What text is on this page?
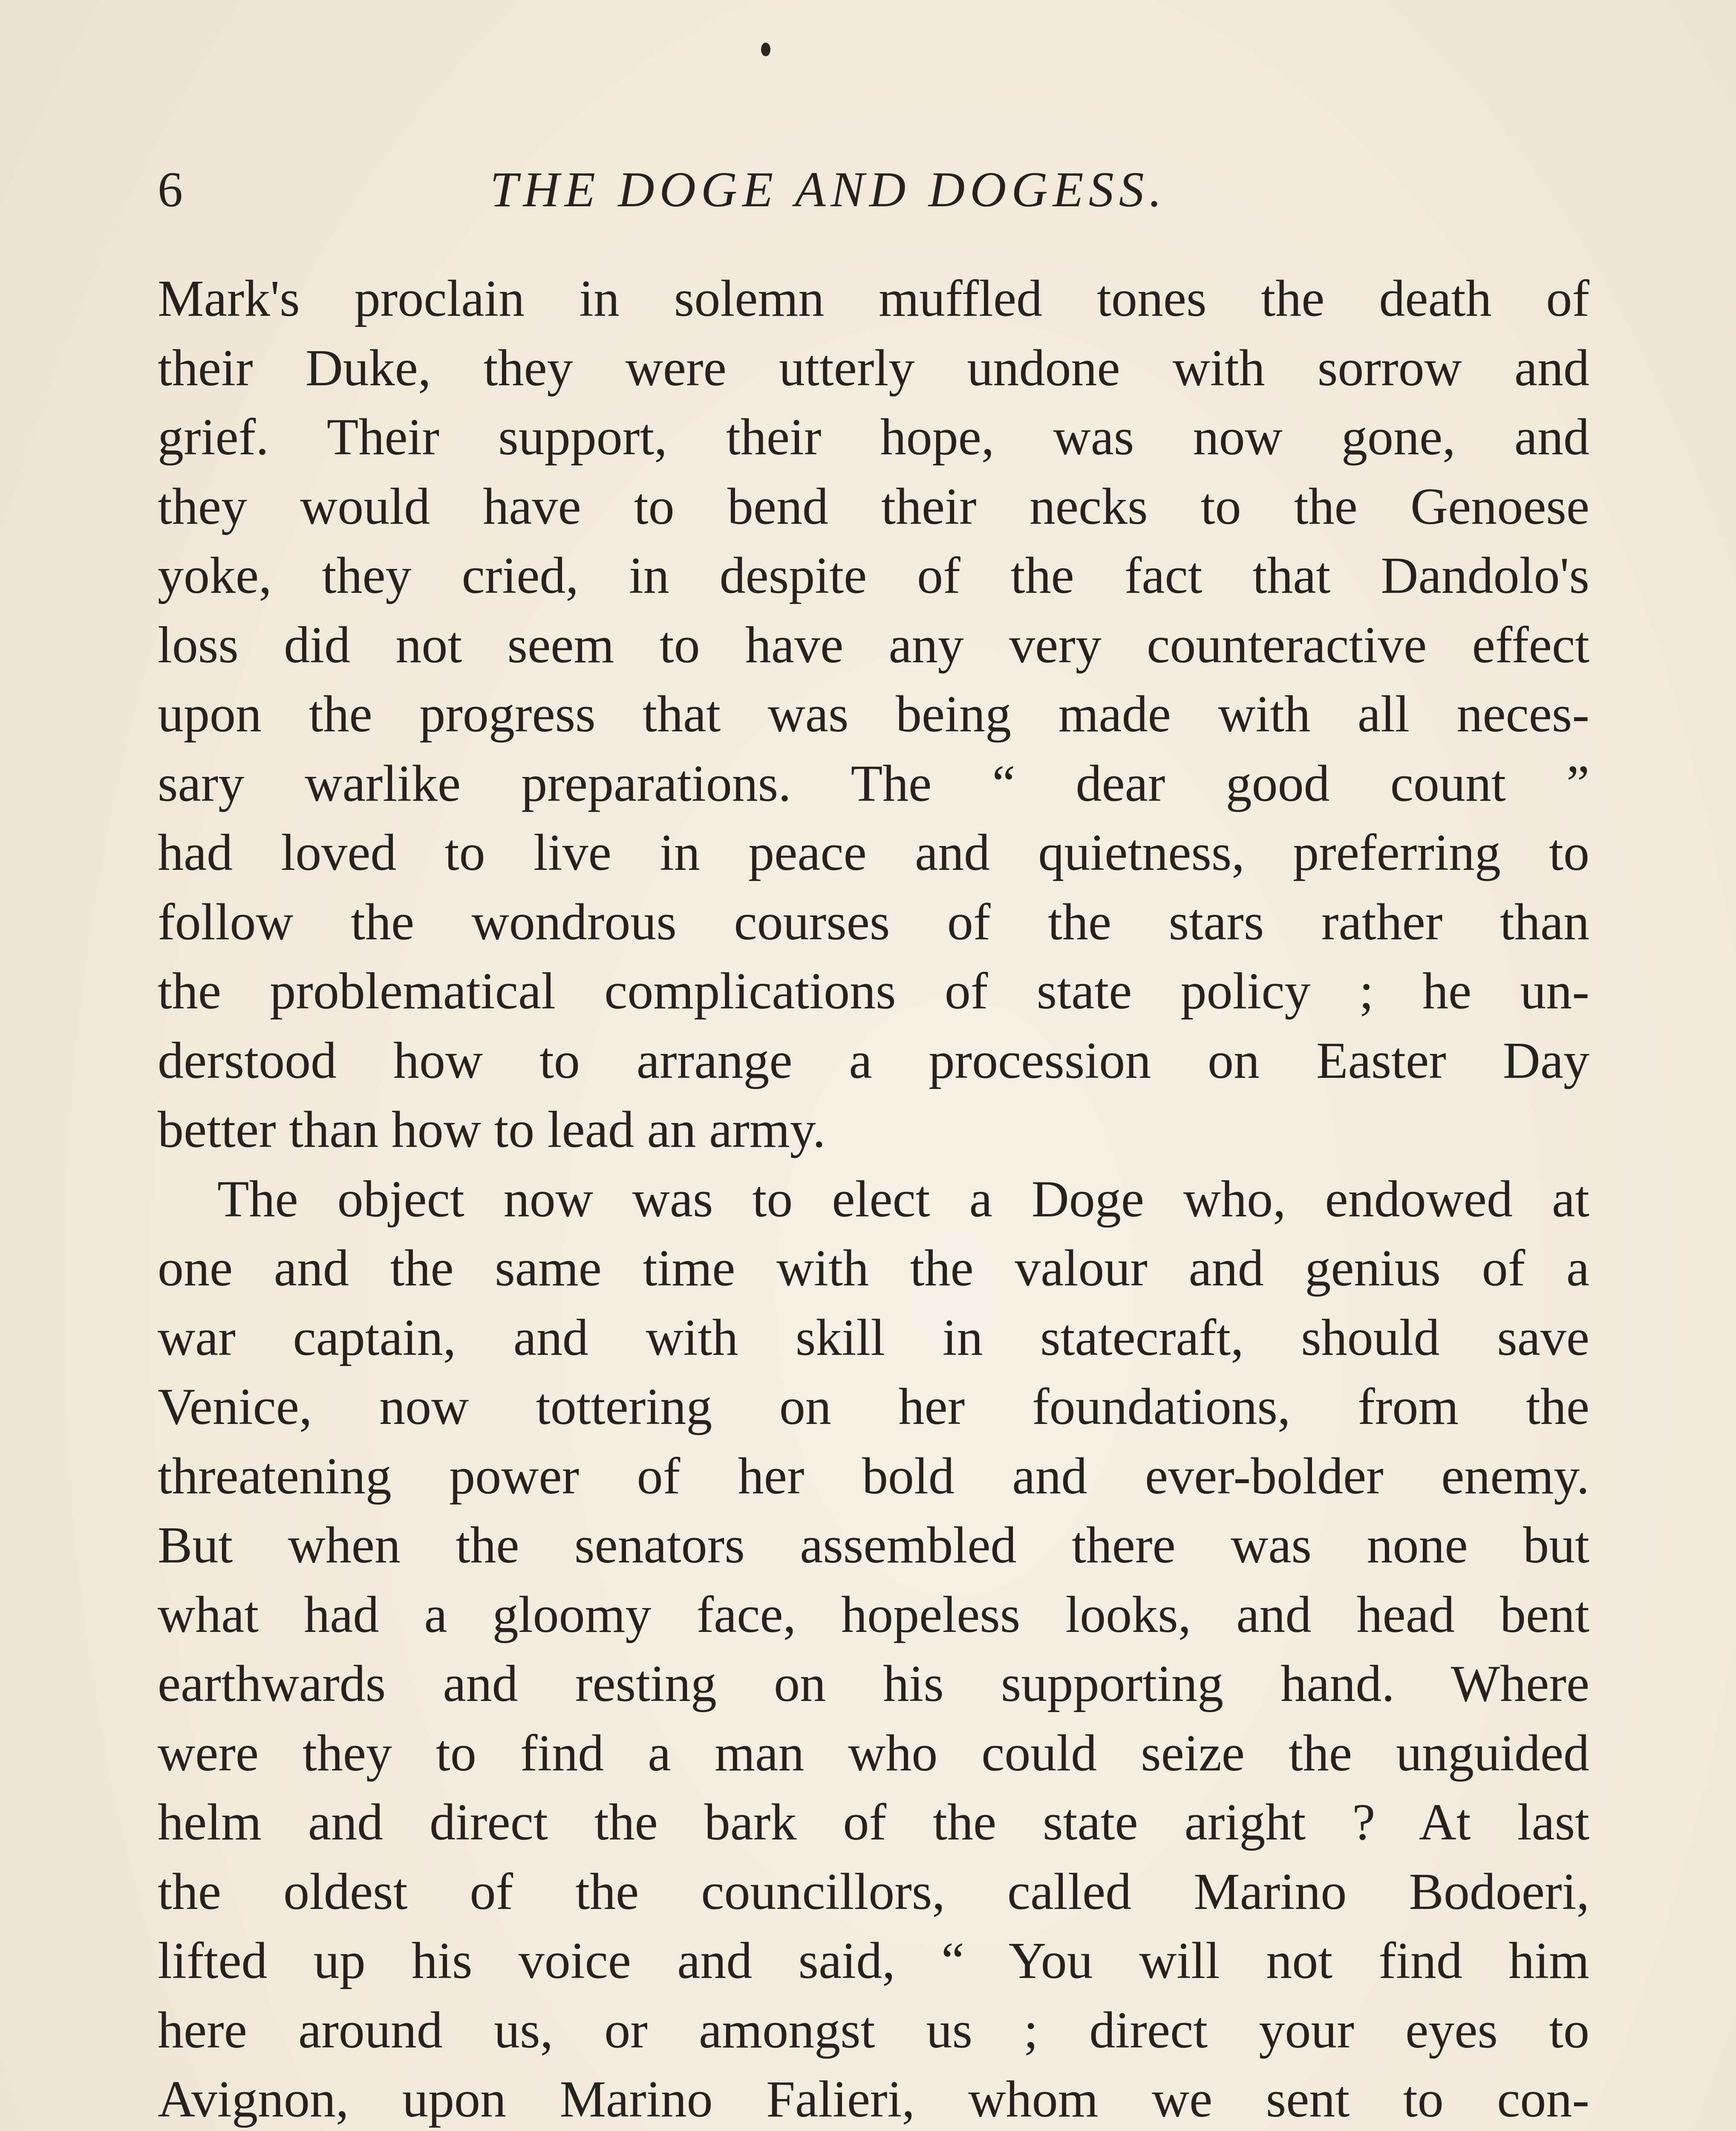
6	THE DOGE AND DOGESS.
Mark's proclain in solemn muffled tones the death of
their Duke, they were utterly undone with sorrow and
grief. Their support, their hope, was now gone, and
they would have to bend their necks to the Genoese
yoke, they cried, in despite of the fact that Dandolo's
loss did not seem to have any very counteractive effect
upon the progress that was being made with all neces-
sary warlike preparations. The “ dear good count ”
had loved to live in peace and quietness, preferring to
follow the wondrous courses of the stars rather than
the problematical complications of state policy ; he un-
derstood how to arrange a procession on Easter Day
better than how to lead an army.
The object now was to elect a Doge who, endowed at
one and the same time with the valour and genius of a
war captain, and with skill in statecraft, should save
Venice, now tottering on her foundations, from the
threatening power of her bold and ever-bolder enemy.
But when the senators assembled there was none but
what had a gloomy face, hopeless looks, and head bent
earthwards and resting on his supporting hand. Where
were they to find a man who could seize the unguided
helm and direct the bark of the state aright ? At last
the oldest of the councillors, called Marino Bodoeri,
lifted up his voice and said, “ You will not find him
here around us, or amongst us ; direct your eyes to
Avignon, upon Marino Falieri, whom we sent to con-
